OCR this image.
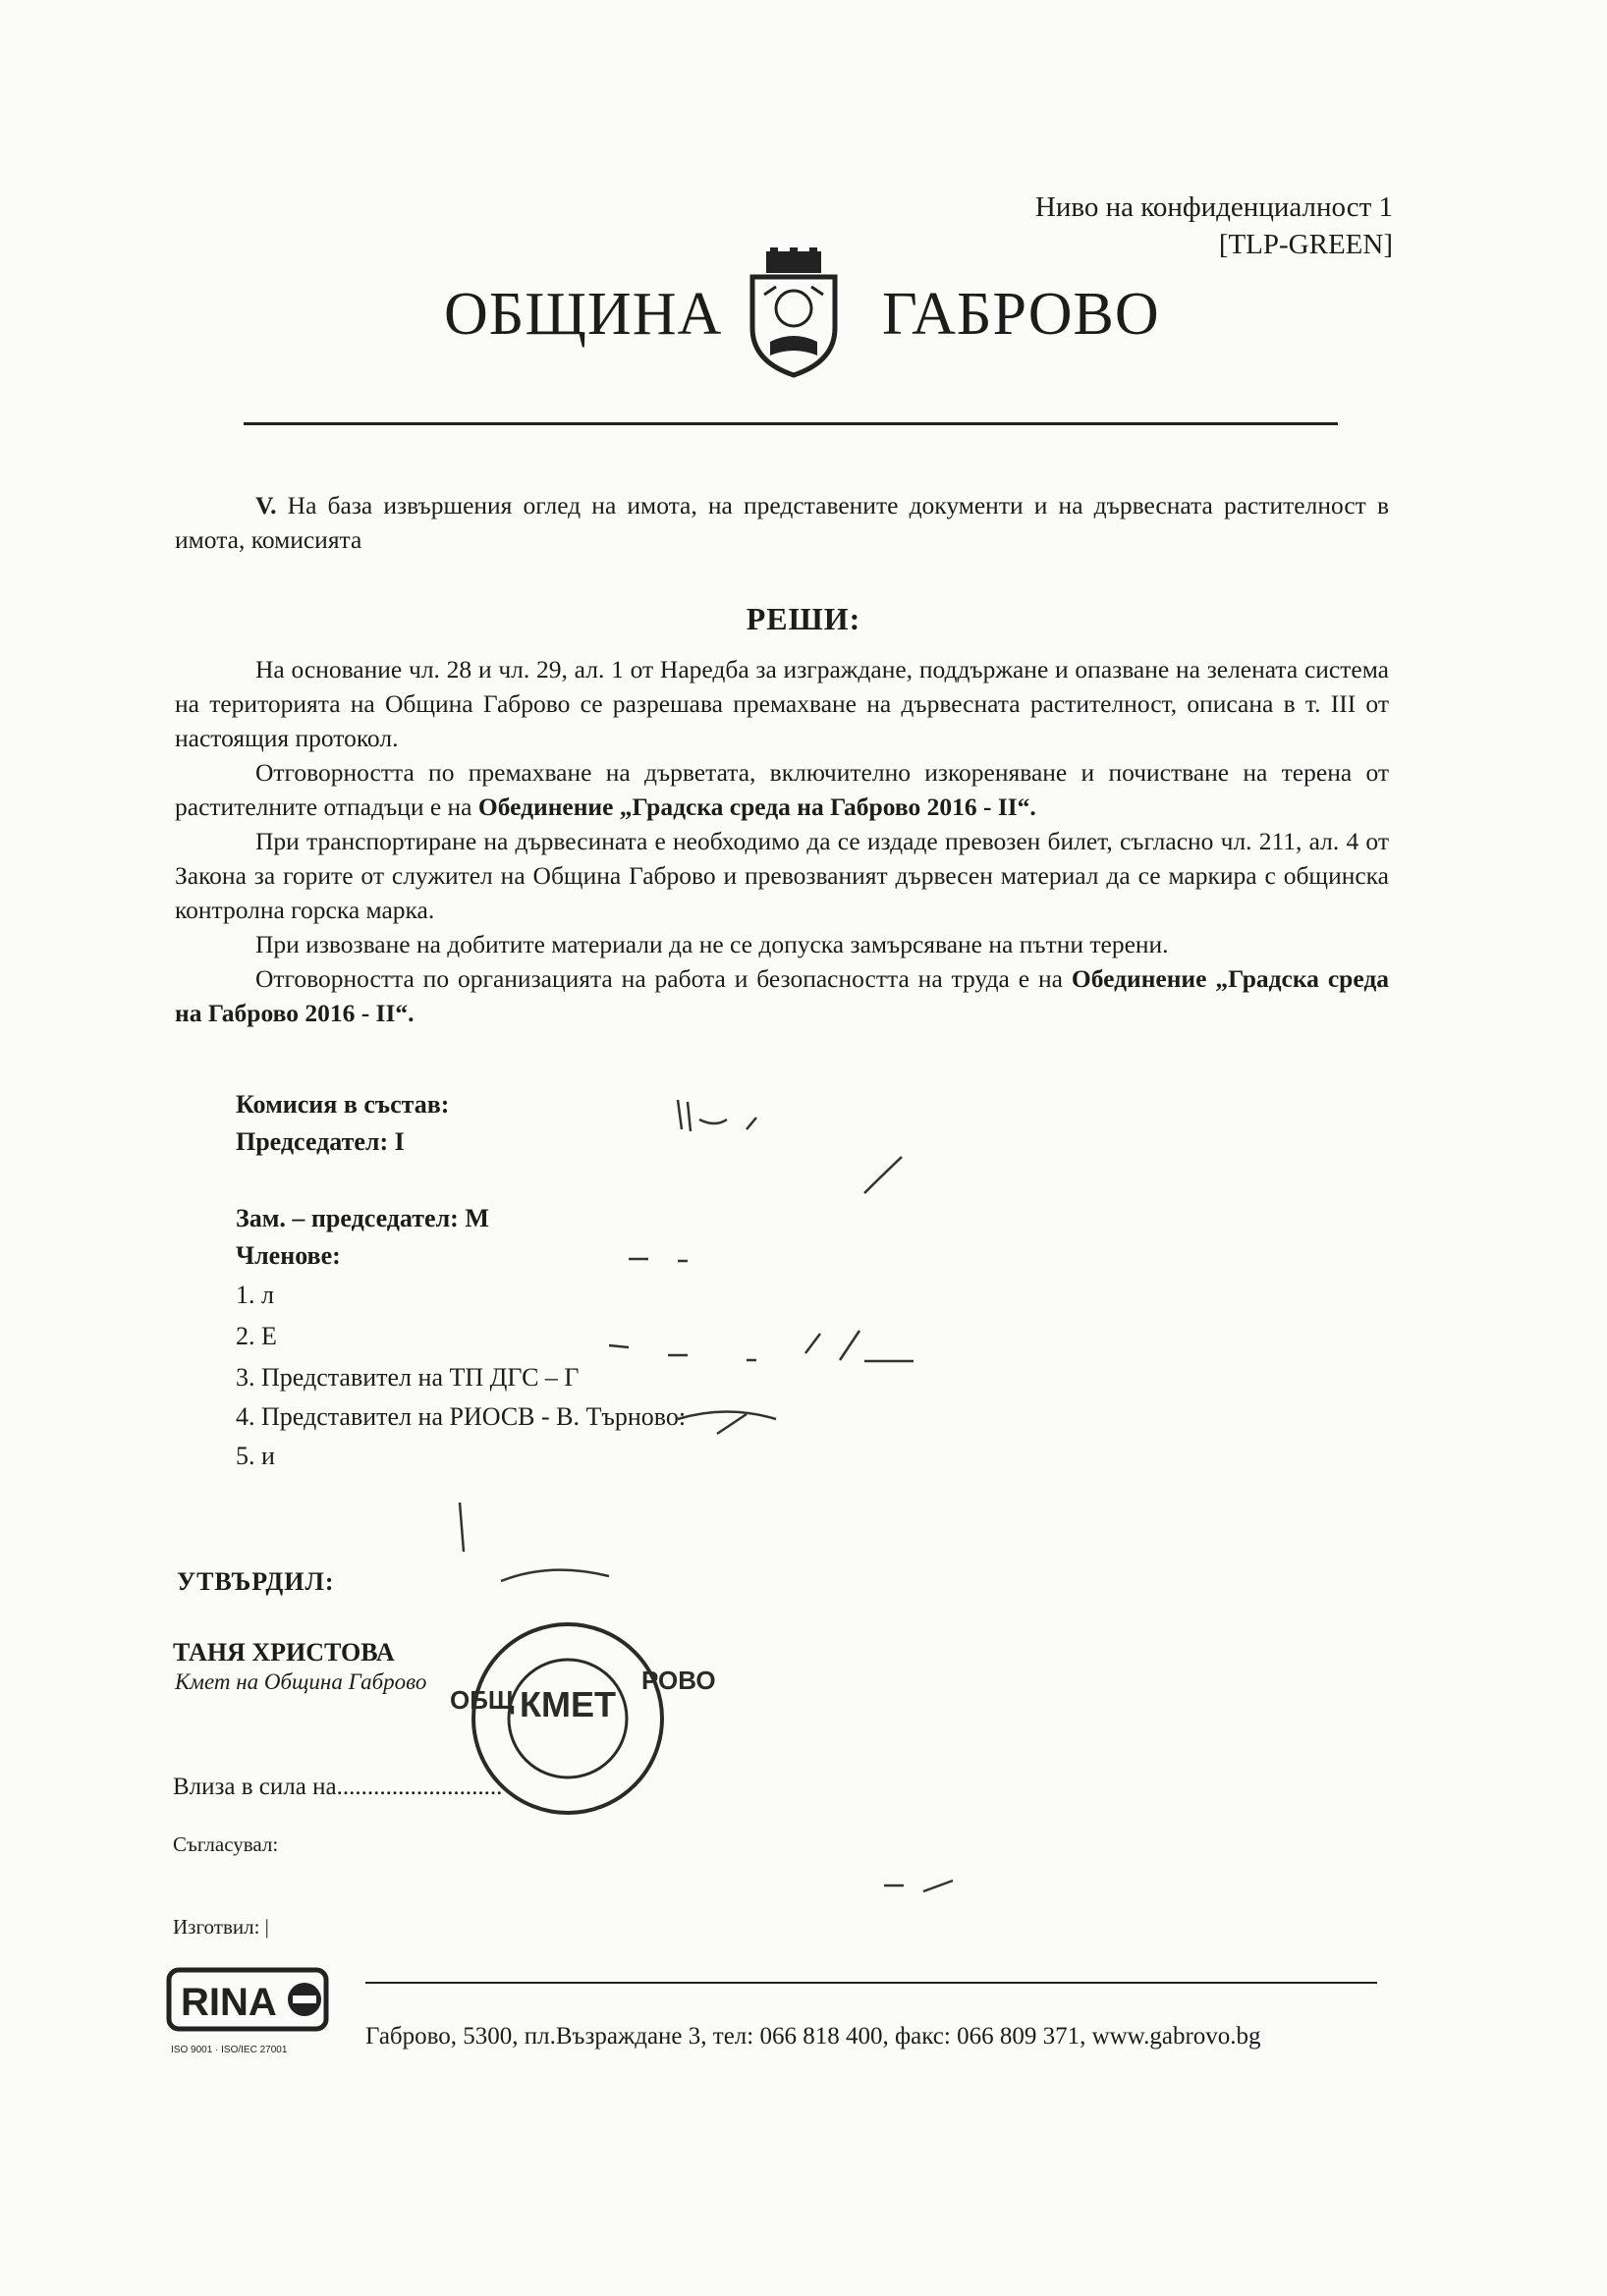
Ниво на конфиденциалност 1
[TLP-GREEN]
ОБЩИНА	ГАБРОВО
V. На база извършения оглед на имота, на представените документи и на дървесната растителност в имота, комисията
РЕШИ:
На основание чл. 28 и чл. 29, ал. 1 от Наредба за изграждане, поддържане и опазване на зелената система на територията на Община Габрово се разрешава премахване на дървесната растителност, описана в т. III от настоящия протокол.
Отговорността по премахване на дърветата, включително изкореняване и почистване на терена от растителните отпадъци е на Обединение „Градска среда на Габрово 2016 - II“.
При транспортиране на дървесината е необходимо да се издаде превозен билет, съгласно чл. 211, ал. 4 от Закона за горите от служител на Община Габрово и превозваният дървесен материал да се маркира с общинска контролна горска марка.
При извозване на добитите материали да не се допуска замърсяване на пътни терени.
Отговорността по организацията на работа и безопасността на труда е на Обединение „Градска среда на Габрово 2016 - II“.
Комисия в състав:
Председател: I
Зам. – председател: М
Членове:
1. л
2. Е
3. Представител на ТП ДГС – Г
4. Представител на РИОСВ - В. Търново:
5. и
УТВЪРДИЛ:
ТАНЯ ХРИСТОВА
Кмет на Община Габрово
КМЕТ
ОБЩ
РОВО
Влиза в сила на...........................
Съгласувал:
Изготвил: |
RINA
ISO 9001 · ISO/IEC 27001
Габрово, 5300, пл.Възраждане 3, тел: 066 818 400, факс: 066 809 371, www.gabrovo.bg
